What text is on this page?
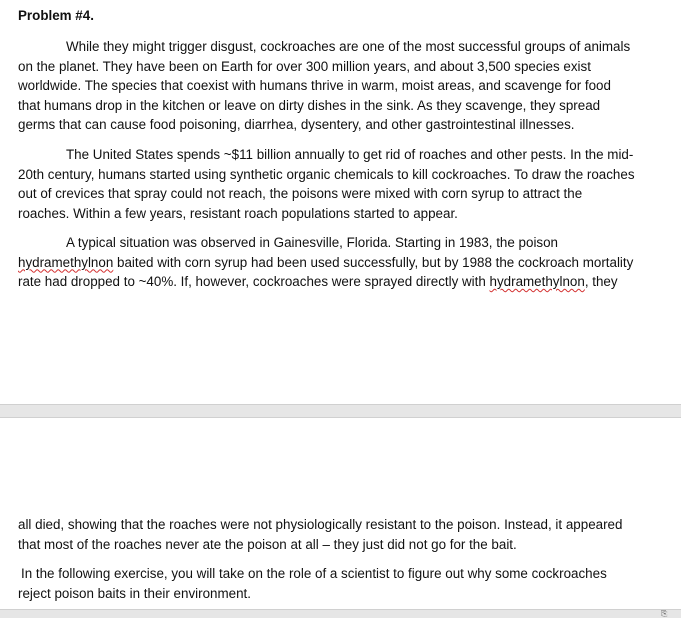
Problem #4.

While they might trigger disgust, cockroaches are one of the most successful groups of animals
on the planet. They have been on Earth for over 300 million years, and about 3,500 species exist
worldwide. The species that coexist with humans thrive in warm, moist areas, and scavenge for food
that humans drop in the kitchen or leave on dirty dishes in the sink. As they scavenge, they spread
germs that can cause food poisoning, diarrhea, dysentery, and other gastrointestinal illnesses.

The United States spends ~$11 billion annually to get rid of roaches and other pests. In the mid-
20th century, humans started using synthetic organic chemicals to kill cockroaches. To draw the roaches
out of crevices that spray could not reach, the poisons were mixed with corn syrup to attract the
roaches. Within a few years, resistant roach populations started to appear.

A typical situation was observed in Gainesville, Florida. Starting in 1983, the poison
hydramethylnon baited with corn syrup had been used successfully, but by 1988 the cockroach mortality
rate had dropped to ~40%. If, however, cockroaches were sprayed directly with hydramethylnon, they

all died, showing that the roaches were not physiologically resistant to the poison. Instead, it appeared
that most of the roaches never ate the poison at all – they just did not go for the bait.

In the following exercise, you will take on the role of a scientist to figure out why some cockroaches
reject poison baits in their environment.

⎘
